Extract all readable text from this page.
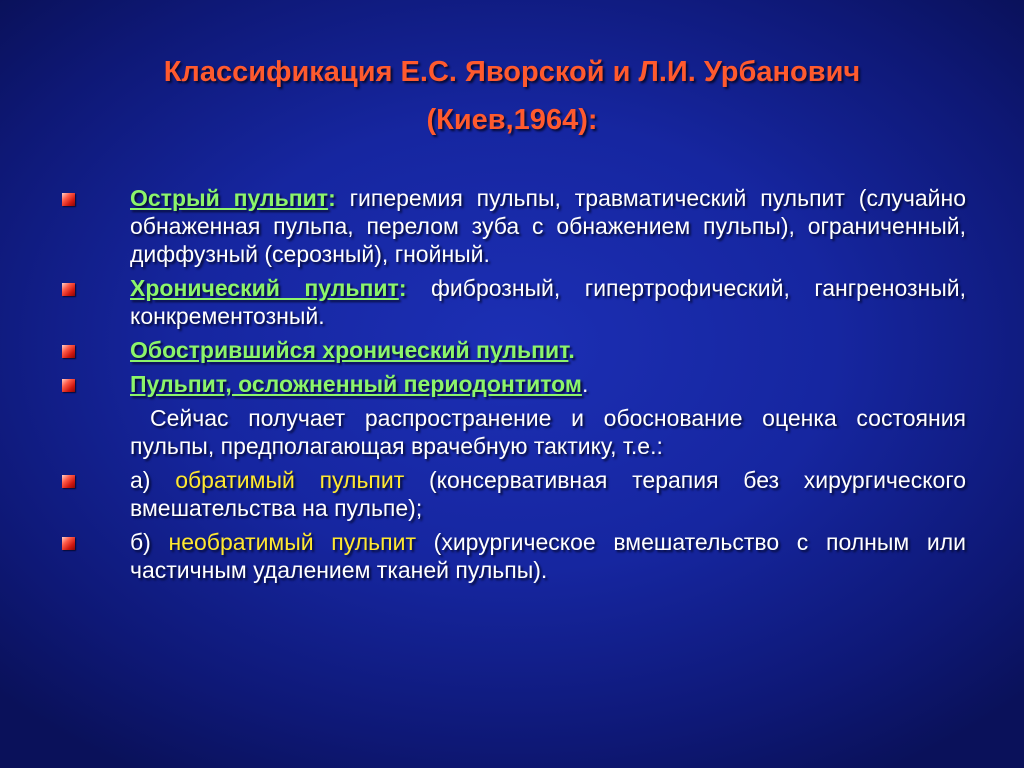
Классификация Е.С. Яворской и Л.И. Урбанович
(Киев,1964):
Острый пульпит: гиперемия пульпы, травматический пульпит (случайно обнаженная пульпа, перелом зуба с обнажением пульпы), ограниченный, диффузный (серозный), гнойный.
Хронический пульпит: фиброзный, гипертрофический, гангренозный, конкрементозный.
Обострившийся хронический пульпит.
Пульпит, осложненный периодонтитом.
Сейчас получает распространение и обоснование оценка состояния пульпы, предполагающая врачебную тактику, т.е.:
а) обратимый пульпит (консервативная терапия без хирургического вмешательства на пульпе);
б) необратимый пульпит (хирургическое вмешательство с полным или частичным удалением тканей пульпы).
